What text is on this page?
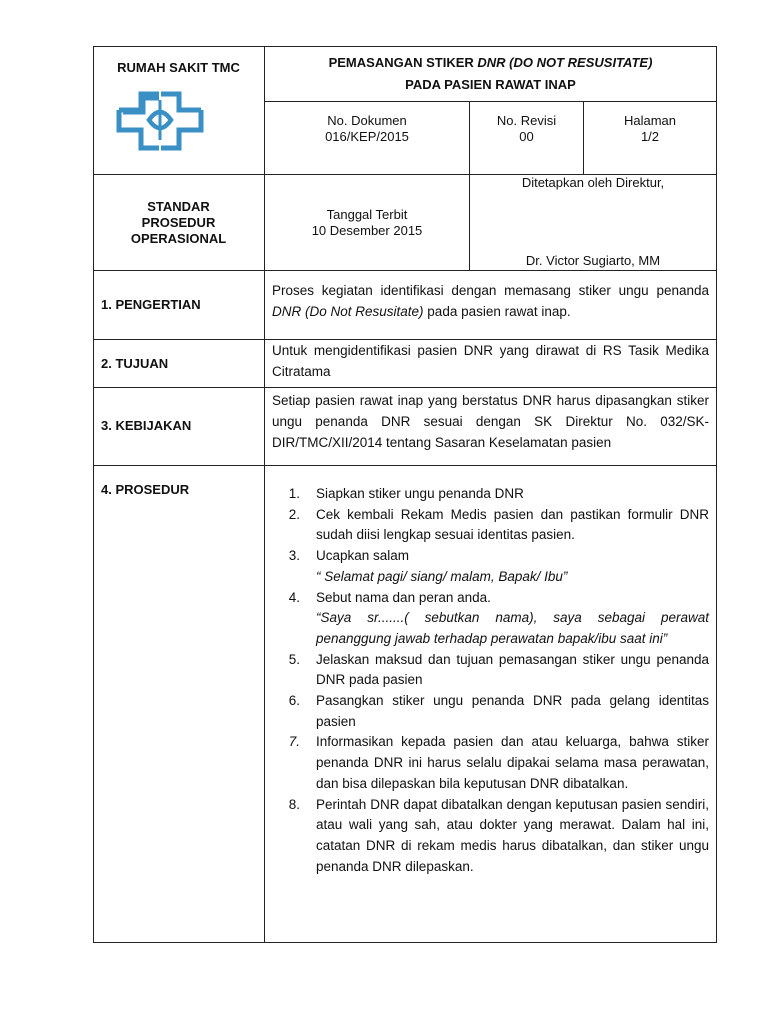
RUMAH SAKIT TMC	PEMASANGAN STIKER DNR (DO NOT RESUSITATE)
PADA PASIEN RAWAT INAP
No. Dokumen
016/KEP/2015
No. Revisi
00
Halaman
1/2
STANDAR
PROSEDUR
OPERASIONAL
Tanggal Terbit
10 Desember 2015
Ditetapkan oleh Direktur,
Dr. Victor Sugiarto, MM
1. PENGERTIAN
Proses kegiatan identifikasi dengan memasang stiker ungu penanda DNR (Do Not Resusitate) pada pasien rawat inap.
2. TUJUAN
Untuk mengidentifikasi pasien DNR yang dirawat di RS Tasik Medika Citratama
3. KEBIJAKAN
Setiap pasien rawat inap yang berstatus DNR harus dipasangkan stiker ungu penanda DNR sesuai dengan SK Direktur No. 032/SK-DIR/TMC/XII/2014 tentang Sasaran Keselamatan pasien
4. PROSEDUR	1. Siapkan stiker ungu penanda DNR
2. Cek kembali Rekam Medis pasien dan pastikan formulir DNR sudah diisi lengkap sesuai identitas pasien.
3. Ucapkan salam
“ Selamat pagi/ siang/ malam, Bapak/ Ibu”
4. Sebut nama dan peran anda.
“Saya sr.......( sebutkan nama), saya sebagai perawat penanggung jawab terhadap perawatan bapak/ibu saat ini”
5. Jelaskan maksud dan tujuan pemasangan stiker ungu penanda DNR pada pasien
6. Pasangkan stiker ungu penanda DNR pada gelang identitas pasien
7. Informasikan kepada pasien dan atau keluarga, bahwa stiker penanda DNR ini harus selalu dipakai selama masa perawatan, dan bisa dilepaskan bila keputusan DNR dibatalkan.
8. Perintah DNR dapat dibatalkan dengan keputusan pasien sendiri, atau wali yang sah, atau dokter yang merawat. Dalam hal ini, catatan DNR di rekam medis harus dibatalkan, dan stiker ungu penanda DNR dilepaskan.
